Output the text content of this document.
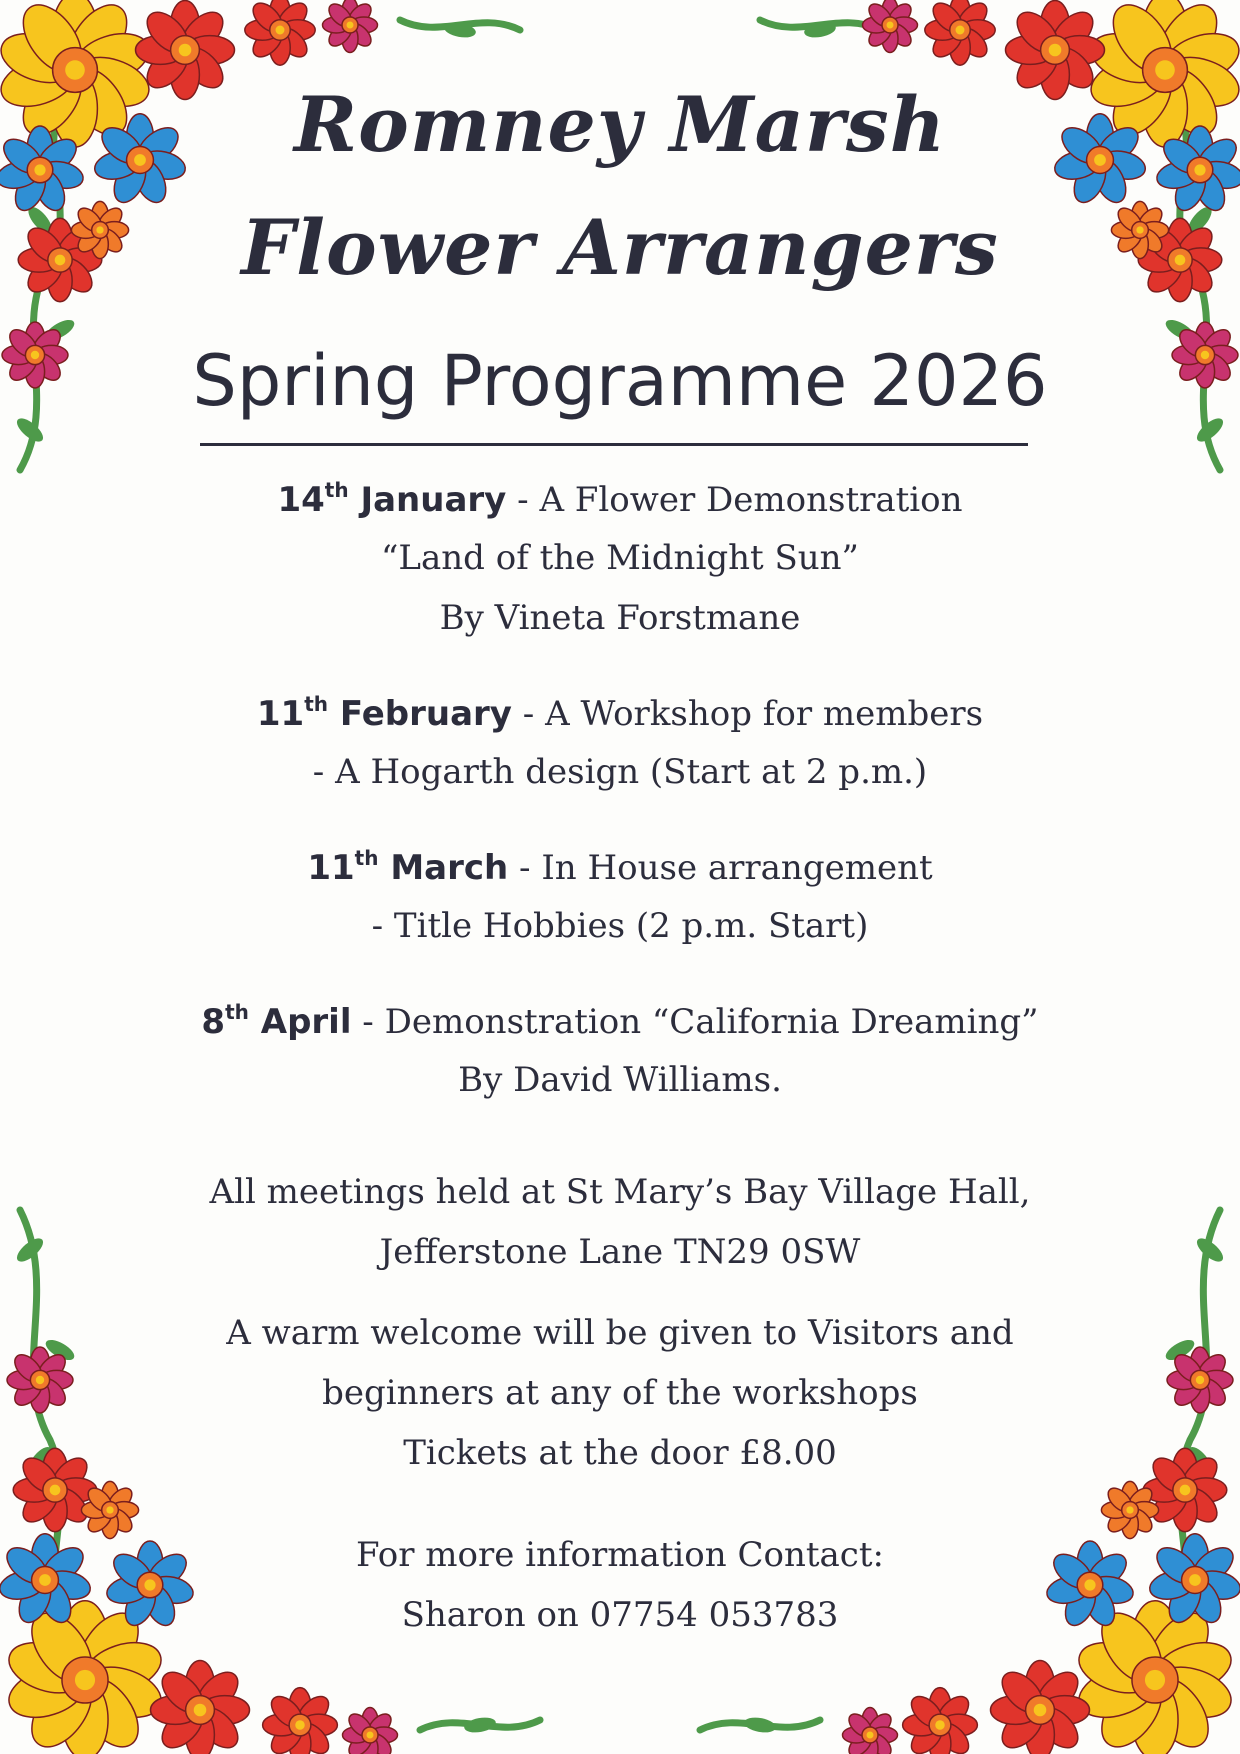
Romney Marsh
Flower Arrangers
Spring Programme 2026
14th January - A Flower Demonstration
“Land of the Midnight Sun”
By Vineta Forstmane
11th February - A Workshop for members
- A Hogarth design (Start at 2 p.m.)
11th March - In House arrangement
- Title Hobbies (2 p.m. Start)
8th April - Demonstration “California Dreaming”
By David Williams.
All meetings held at St Mary’s Bay Village Hall,
Jefferstone Lane TN29 0SW
A warm welcome will be given to Visitors and
beginners at any of the workshops
Tickets at the door £8.00
For more information Contact:
Sharon on 07754 053783
